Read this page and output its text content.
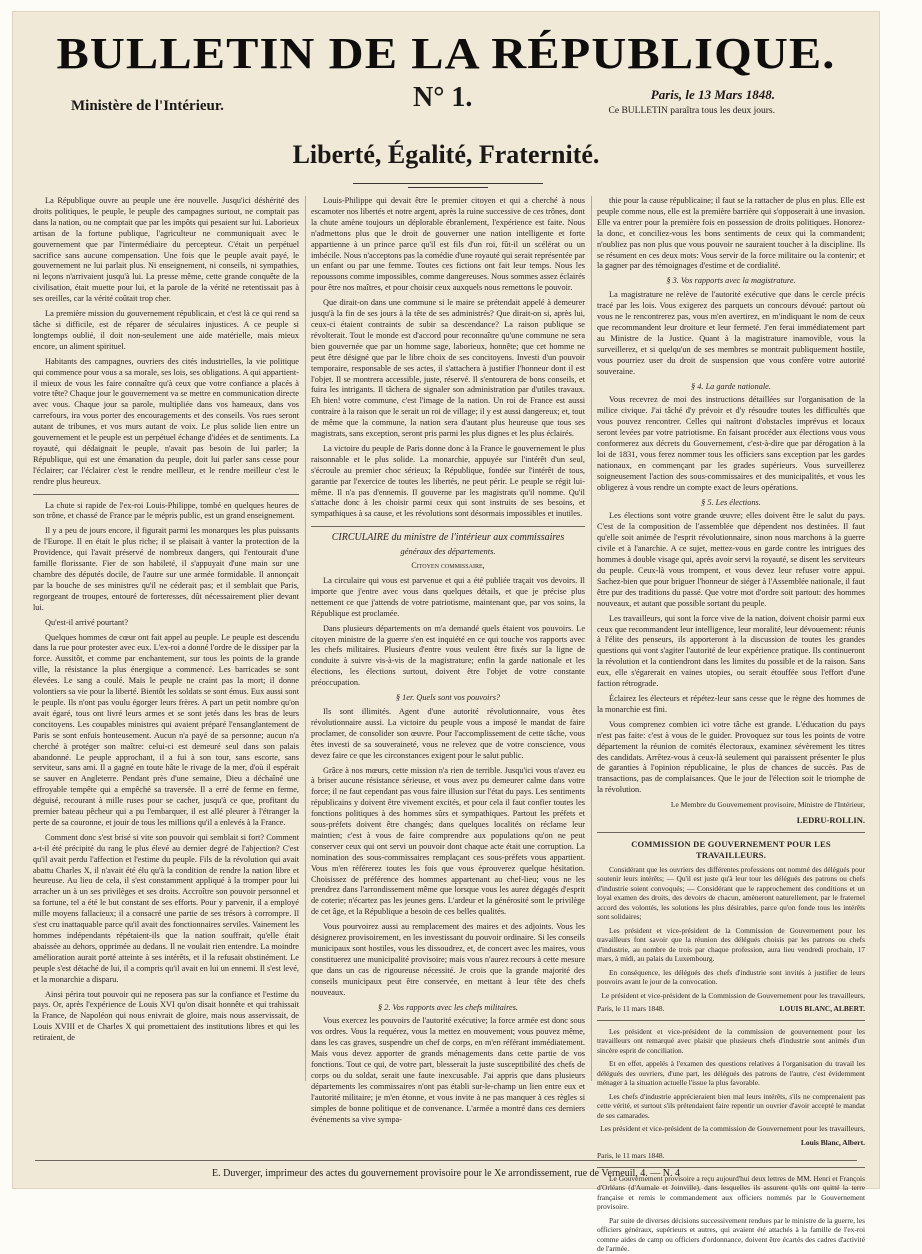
BULLETIN DE LA RÉPUBLIQUE.
Ministère de l'Intérieur.	N° 1.	Paris, le 13 Mars 1848.
Ce BULLETIN paraîtra tous les deux jours.
Liberté, Égalité, Fraternité.

La République ouvre au peuple une ère nouvelle. Jusqu'ici déshérité des droits politiques, le peuple, le peuple des campagnes surtout, ne comptait pas dans la nation, ou ne comptait que par les impôts qui pesaient sur lui. Laborieux artisan de la fortune publique, l'agriculteur ne communiquait avec le gouvernement que par l'intermédiaire du percepteur. C'était un perpétuel sacrifice sans aucune compensation. Une fois que le peuple avait payé, le gouvernement ne lui parlait plus. Ni enseignement, ni conseils, ni sympathies, ni leçons n'arrivaient jusqu'à lui. La presse même, cette grande conquête de la civilisation, était muette pour lui, et la parole de la vérité ne retentissait pas à ses oreilles, car la vérité coûtait trop cher.

La première mission du gouvernement républicain, et c'est là ce qui rend sa tâche si difficile, est de réparer de séculaires injustices. A ce peuple si longtemps oublié, il doit non-seulement une aide matérielle, mais mieux encore, un aliment spirituel.

Habitants des campagnes, ouvriers des cités industrielles, la vie politique qui commence pour vous a sa morale, ses lois, ses obligations. A qui appartient-il mieux de vous les faire connaître qu'à ceux que votre confiance a placés à votre tête? Chaque jour le gouvernement va se mettre en communication directe avec vous. Chaque jour sa parole, multipliée dans vos hameaux, dans vos carrefours, ira vous porter des encouragements et des conseils. Vos rues seront autant de tribunes, et vos murs autant de voix. Le plus solide lien entre un gouvernement et le peuple est un perpétuel échange d'idées et de sentiments. La royauté, qui dédaignait le peuple, n'avait pas besoin de lui parler; la République, qui est une émanation du peuple, doit lui parler sans cesse pour l'éclairer; car l'éclairer c'est le rendre meilleur, et le rendre meilleur c'est le rendre plus heureux.

La chute si rapide de l'ex-roi Louis-Philippe, tombé en quelques heures de son trône, et chassé de France par le mépris public, est un grand enseignement.

Il y a peu de jours encore, il figurait parmi les monarques les plus puissants de l'Europe. Il en était le plus riche; il se plaisait à vanter la protection de la Providence, qui l'avait préservé de nombreux dangers, qui l'entourait d'une famille florissante. Fier de son habileté, il s'appuyait d'une main sur une chambre des députés docile, de l'autre sur une armée formidable. Il annonçait par la bouche de ses ministres qu'il ne céderait pas; et il semblait que Paris, regorgeant de troupes, entouré de forteresses, dût nécessairement plier devant lui.

Qu'est-il arrivé pourtant?

Quelques hommes de cœur ont fait appel au peuple. Le peuple est descendu dans la rue pour protester avec eux. L'ex-roi a donné l'ordre de le dissiper par la force. Aussitôt, et comme par enchantement, sur tous les points de la grande ville, la résistance la plus énergique a commencé. Les barricades se sont élevées. Le sang a coulé. Mais le peuple ne craint pas la mort; il donne volontiers sa vie pour la liberté. Bientôt les soldats se sont émus. Eux aussi sont le peuple. Ils n'ont pas voulu égorger leurs frères. A part un petit nombre qu'on avait égaré, tous ont livré leurs armes et se sont jetés dans les bras de leurs concitoyens. Les coupables ministres qui avaient préparé l'ensanglantement de Paris se sont enfuis honteusement. Aucun n'a payé de sa personne; aucun n'a cherché à protéger son maître: celui-ci est demeuré seul dans son palais abandonné. Le peuple approchant, il a fui à son tour, sans escorte, sans serviteur, sans ami. Il a gagné en toute hâte le rivage de la mer, d'où il espérait se sauver en Angleterre. Pendant près d'une semaine, Dieu a déchaîné une effroyable tempête qui a empêché sa traversée. Il a erré de ferme en ferme, déguisé, recourant à mille ruses pour se cacher, jusqu'à ce que, profitant du premier bateau pêcheur qui a pu l'embarquer, il est allé pleurer à l'étranger la perte de sa couronne, et jouir de tous les millions qu'il a enlevés à la France.

Comment donc s'est brisé si vite son pouvoir qui semblait si fort? Comment a-t-il été précipité du rang le plus élevé au dernier degré de l'abjection? C'est qu'il avait perdu l'affection et l'estime du peuple. Fils de la révolution qui avait abattu Charles X, il n'avait été élu qu'à la condition de rendre la nation libre et heureuse. Au lieu de cela, il s'est constamment appliqué à la tromper pour lui arracher un à un ses privilèges et ses droits. Accroître son pouvoir personnel et sa fortune, tel a été le but constant de ses efforts. Pour y parvenir, il a employé mille moyens fallacieux; il a consacré une partie de ses trésors à corrompre. Il s'est cru inattaquable parce qu'il avait des fonctionnaires serviles. Vainement les hommes indépendants répétaient-ils que la nation souffrait, qu'elle était abaissée au dehors, opprimée au dedans. Il ne voulait rien entendre. La moindre amélioration aurait porté atteinte à ses intérêts, et il la refusait obstinément. Le peuple s'est détaché de lui, il a compris qu'il avait en lui un ennemi. Il s'est levé, et la monarchie a disparu.

Ainsi périra tout pouvoir qui ne reposera pas sur la confiance et l'estime du pays. Or, après l'expérience de Louis XVI qu'on disait honnête et qui trahissait la France, de Napoléon qui nous enivrait de gloire, mais nous asservissait, de Louis XVIII et de Charles X qui promettaient des institutions libres et qui les retiraient, de

Louis-Philippe qui devait être le premier citoyen et qui a cherché à nous escamoter nos libertés et notre argent, après la ruine successive de ces trônes, dont la chute amène toujours un déplorable ébranlement, l'expérience est faite. Nous n'admettons plus que le droit de gouverner une nation intelligente et forte appartienne à un prince parce qu'il est fils d'un roi, fût-il un scélérat ou un imbécile. Nous n'acceptons pas la comédie d'une royauté qui serait représentée par un enfant ou par une femme. Toutes ces fictions ont fait leur temps. Nous les repoussons comme impossibles, comme dangereuses. Nous sommes assez éclairés pour être nos maîtres, et pour choisir ceux auxquels nous remettons le pouvoir.

Que dirait-on dans une commune si le maire se prétendait appelé à demeurer jusqu'à la fin de ses jours à la tête de ses administrés? Que dirait-on si, après lui, ceux-ci étaient contraints de subir sa descendance? La raison publique se révolterait. Tout le monde est d'accord pour reconnaître qu'une commune ne sera bien gouvernée que par un homme sage, laborieux, honnête; que cet homme ne peut être désigné que par le libre choix de ses concitoyens. Investi d'un pouvoir temporaire, responsable de ses actes, il s'attachera à justifier l'honneur dont il est l'objet. Il se montrera accessible, juste, réservé. Il s'entourera de bons conseils, et fuira les intrigants. Il tâchera de signaler son administration par d'utiles travaux. Eh bien! votre commune, c'est l'image de la nation. Un roi de France est aussi contraire à la raison que le serait un roi de village; il y est aussi dangereux; et, tout de même que la commune, la nation sera d'autant plus heureuse que tous ses magistrats, sans exception, seront pris parmi les plus dignes et les plus éclairés.

La victoire du peuple de Paris donne donc à la France le gouvernement le plus raisonnable et le plus solide. La monarchie, appuyée sur l'intérêt d'un seul, s'écroule au premier choc sérieux; la République, fondée sur l'intérêt de tous, garantie par l'exercice de toutes les libertés, ne peut périr. Le peuple se régit lui-même. Il n'a pas d'ennemis. Il gouverne par les magistrats qu'il nomme. Qu'il s'attache donc à les choisir parmi ceux qui sont instruits de ses besoins, et sympathiques à sa cause, et les révolutions sont désormais impossibles et inutiles.

CIRCULAIRE du ministre de l'intérieur aux commissaires
généraux des départements.
Citoyen commissaire,

La circulaire qui vous est parvenue et qui a été publiée traçait vos devoirs. Il importe que j'entre avec vous dans quelques détails, et que je précise plus nettement ce que j'attends de votre patriotisme, maintenant que, par vos soins, la République est proclamée.

Dans plusieurs départements on m'a demandé quels étaient vos pouvoirs. Le citoyen ministre de la guerre s'en est inquiété en ce qui touche vos rapports avec les chefs militaires. Plusieurs d'entre vous veulent être fixés sur la ligne de conduite à suivre vis-à-vis de la magistrature; enfin la garde nationale et les élections, les élections surtout, doivent être l'objet de votre constante préoccupation.

§ 1er. Quels sont vos pouvoirs?

Ils sont illimités. Agent d'une autorité révolutionnaire, vous êtes révolutionnaire aussi. La victoire du peuple vous a imposé le mandat de faire proclamer, de consolider son œuvre. Pour l'accomplissement de cette tâche, vous êtes investi de sa souveraineté, vous ne relevez que de votre conscience, vous devez faire ce que les circonstances exigent pour le salut public.

Grâce à nos mœurs, cette mission n'a rien de terrible. Jusqu'ici vous n'avez eu à briser aucune résistance sérieuse, et vous avez pu demeurer calme dans votre force; il ne faut cependant pas vous faire illusion sur l'état du pays. Les sentiments républicains y doivent être vivement excités, et pour cela il faut confier toutes les fonctions politiques à des hommes sûrs et sympathiques. Partout les préfets et sous-préfets doivent être changés; dans quelques localités on réclame leur maintien; c'est à vous de faire comprendre aux populations qu'on ne peut conserver ceux qui ont servi un pouvoir dont chaque acte était une corruption. La nomination des sous-commissaires remplaçant ces sous-préfets vous appartient. Vous m'en référerez toutes les fois que vous éprouverez quelque hésitation. Choisissez de préférence des hommes appartenant au chef-lieu; vous ne les prendrez dans l'arrondissement même que lorsque vous les aurez dégagés d'esprit de coterie; n'écartez pas les jeunes gens. L'ardeur et la générosité sont le privilège de cet âge, et la République a besoin de ces belles qualités.

Vous pourvoirez aussi au remplacement des maires et des adjoints. Vous les désignerez provisoirement, en les investissant du pouvoir ordinaire. Si les conseils municipaux sont hostiles, vous les dissoudrez, et, de concert avec les maires, vous constituerez une municipalité provisoire; mais vous n'aurez recours à cette mesure que dans un cas de rigoureuse nécessité. Je crois que la grande majorité des conseils municipaux peut être conservée, en mettant à leur tête des chefs nouveaux.

§ 2. Vos rapports avec les chefs militaires.

Vous exercez les pouvoirs de l'autorité exécutive; la force armée est donc sous vos ordres. Vous la requérez, vous la mettez en mouvement; vous pouvez même, dans les cas graves, suspendre un chef de corps, en m'en référant immédiatement. Mais vous devez apporter de grands ménagements dans cette partie de vos fonctions. Tout ce qui, de votre part, blesserait la juste susceptibilité des chefs de corps ou du soldat, serait une faute inexcusable. J'ai appris que dans plusieurs départements les commissaires n'ont pas établi sur-le-champ un lien entre eux et l'autorité militaire; je m'en étonne, et vous invite à ne pas manquer à ces règles si simples de bonne politique et de convenance. L'armée a montré dans ces derniers événements sa vive sympa-

thie pour la cause républicaine; il faut se la rattacher de plus en plus. Elle est peuple comme nous, elle est la première barrière qui s'opposerait à une invasion. Elle va entrer pour la première fois en possession de droits politiques. Honorez-la donc, et conciliez-vous les bons sentiments de ceux qui la commandent; n'oubliez pas non plus que vous pouvoir ne sauraient toucher à la discipline. Ils se résument en ces deux mots: Vous servir de la force militaire ou la contenir; et la gagner par des témoignages d'estime et de cordialité.

§ 3. Vos rapports avec la magistrature.

La magistrature ne relève de l'autorité exécutive que dans le cercle précis tracé par les lois. Vous exigerez des parquets un concours dévoué: partout où vous ne le rencontrerez pas, vous m'en avertirez, en m'indiquant le nom de ceux que recommandent leur droiture et leur fermeté. J'en ferai immédiatement part au Ministre de la Justice. Quant à la magistrature inamovible, vous la surveillerez, et si quelqu'un de ses membres se montrait publiquement hostile, vous pourriez user du droit de suspension que vous confère votre autorité souveraine.

§ 4. La garde nationale.

Vous recevrez de moi des instructions détaillées sur l'organisation de la milice civique. J'ai tâché d'y prévoir et d'y résoudre toutes les difficultés que vous pouvez rencontrer. Celles qui naîtront d'obstacles imprévus et locaux seront levées par votre patriotisme. En faisant procéder aux élections vous vous conformerez aux décrets du Gouvernement, c'est-à-dire que par dérogation à la loi de 1831, vous ferez nommer tous les officiers sans exception par les gardes nationaux, en commençant par les grades supérieurs. Vous surveillerez soigneusement l'action des sous-commissaires et des municipalités, et vous les obligerez à vous rendre un compte exact de leurs opérations.

§ 5. Les élections.

Les élections sont votre grande œuvre; elles doivent être le salut du pays. C'est de la composition de l'assemblée que dépendent nos destinées. Il faut qu'elle soit animée de l'esprit révolutionnaire, sinon nous marchons à la guerre civile et à l'anarchie. A ce sujet, mettez-vous en garde contre les intrigues des hommes à double visage qui, après avoir servi la royauté, se disent les serviteurs du peuple. Ceux-là vous trompent, et vous devez leur refuser votre appui. Sachez-bien que pour briguer l'honneur de siéger à l'Assemblée nationale, il faut être pur des traditions du passé. Que votre mot d'ordre soit partout: des hommes nouveaux, et autant que possible sortant du peuple.

Les travailleurs, qui sont la force vive de la nation, doivent choisir parmi eux ceux que recommandent leur intelligence, leur moralité, leur dévouement: réunis à l'élite des penseurs, ils apporteront à la discussion de toutes les grandes questions qui vont s'agiter l'autorité de leur expérience pratique. Ils continueront la révolution et la contiendront dans les limites du possible et de la raison. Sans eux, elle s'égarerait en vaines utopies, ou serait étouffée sous l'effort d'une faction rétrograde.

Éclairez les électeurs et répétez-leur sans cesse que le règne des hommes de la monarchie est fini.

Vous comprenez combien ici votre tâche est grande. L'éducation du pays n'est pas faite: c'est à vous de le guider. Provoquez sur tous les points de votre département la réunion de comités électoraux, examinez sévèrement les titres des candidats. Arrêtez-vous à ceux-là seulement qui paraissent présenter le plus de garanties à l'opinion républicaine, le plus de chances de succès. Pas de transactions, pas de complaisances. Que le jour de l'élection soit le triomphe de la révolution.

Le Membre du Gouvernement provisoire, Ministre de l'Intérieur,
LEDRU-ROLLIN.
COMMISSION DE GOUVERNEMENT POUR LES TRAVAILLEURS.

Considérant que les ouvriers des différentes professions ont nommé des délégués pour soutenir leurs intérêts; — Qu'il est juste qu'à leur tour les délégués des patrons ou chefs d'industrie soient convoqués; — Considérant que le rapprochement des conditions et un loyal examen des droits, des devoirs de chacun, amèneront naturellement, par le fraternel accord des volontés, les solutions les plus désirables, parce qu'on fonde tous les intérêts sont solidaires;

Les président et vice-président de la Commission de Gouvernement pour les travailleurs font savoir que la réunion des délégués choisis par les patrons ou chefs d'industrie, au nombre de trois par chaque profession, aura lieu vendredi prochain, 17 mars, à midi, au palais du Luxembourg.

En conséquence, les délégués des chefs d'industrie sont invités à justifier de leurs pouvoirs avant le jour de la convocation.

Le président et vice-président de la Commission de Gouvernement pour les travailleurs,
Paris, le 11 mars 1848.	LOUIS BLANC, ALBERT.

Les président et vice-président de la commission de gouvernement pour les travailleurs ont remarqué avec plaisir que plusieurs chefs d'industrie sont animés d'un sincère esprit de conciliation.

Et en effet, appelés à l'examen des questions relatives à l'organisation du travail les délégués des ouvriers, d'une part, les délégués des patrons de l'autre, c'est évidemment ménager à la situation actuelle l'issue la plus favorable.

Les chefs d'industrie apprécieraient bien mal leurs intérêts, s'ils ne comprenaient pas cette vérité, et surtout s'ils prétendaient faire repentir un ouvrier d'avoir accepté le mandat de ses camarades.

Les président et vice-président de la commission de Gouvernement pour les travailleurs,
Louis Blanc, Albert.
Paris, le 11 mars 1848.

Le Gouvernement provisoire a reçu aujourd'hui deux lettres de MM. Henri et François d'Orléans (d'Aumale et Joinville), dans lesquelles ils assurent qu'ils ont quitté la terre française et remis le commandement aux officiers nommés par le Gouvernement provisoire.

Par suite de diverses décisions successivement rendues par le ministre de la guerre, les officiers généraux, supérieurs et autres, qui avaient été attachés à la famille de l'ex-roi comme aides de camp ou officiers d'ordonnance, doivent être écartés des cadres d'activité de l'armée.

E. Duverger, imprimeur des actes du gouvernement provisoire pour le Xe arrondissement, rue de Verneuil, 4. — N. 4
